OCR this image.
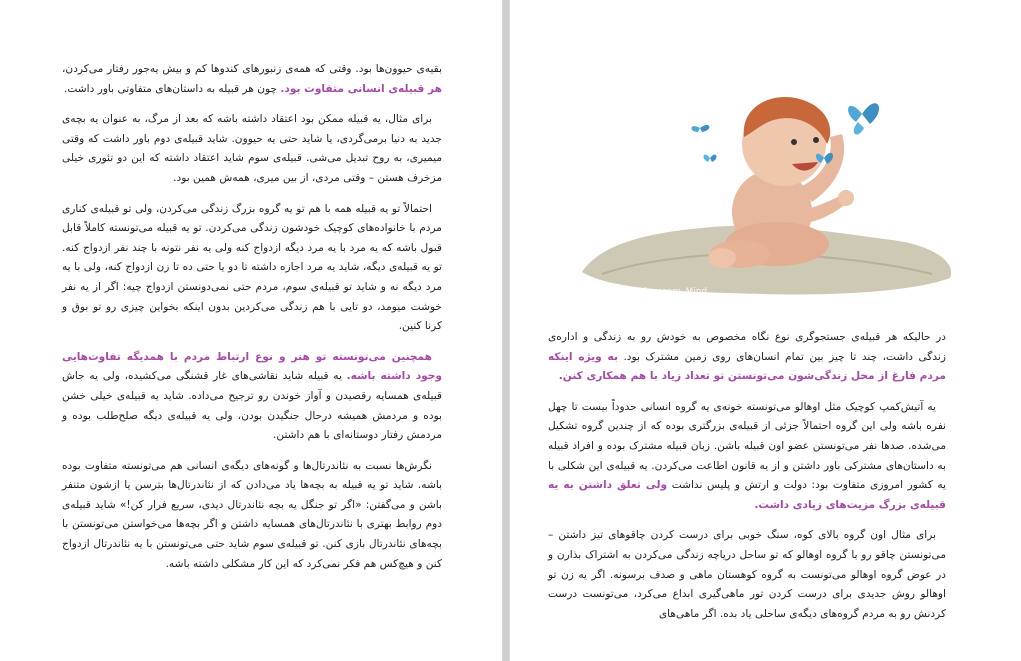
بقیه‌ی حیوون‌ها بود. وقتی که همه‌ی زنبورهای کندوها کم و بیش یه‌جور رفتار می‌کردن، هر قبیله‌ی انسانی متفاوت بود. چون هر قبیله به داستان‌های متفاوتی باور داشت.

برای مثال، یه قبیله ممکن بود اعتقاد داشته باشه که بعد از مرگ، به عنوان یه بچه‌ی جدید به دنیا برمی‌گردی، یا شاید حتی یه حیوون. شاید قبیله‌ی دوم باور داشت که وقتی میمیری، به روح تبدیل می‌شی. قبیله‌ی سوم شاید اعتقاد داشته که این دو تئوری خیلی مزخرف هستن – وقتی مردی، از بین میری، همه‌ش همین بود.

احتمالاً تو یه قبیله همه با هم تو یه گروه بزرگ زندگی می‌کردن، ولی تو قبیله‌ی کناری مردم با خانواده‌های کوچیک خودشون زندگی می‌کردن. تو یه قبیله می‌تونسته کاملاً قابل قبول باشه که یه مرد با یه مرد دیگه ازدواج کنه ولی یه نفر نتونه با چند نفر ازدواج کنه. تو یه قبیله‌ی دیگه، شاید یه مرد اجازه داشته تا دو یا حتی ده تا زن ازدواج کنه، ولی با یه مرد دیگه نه و شاید تو قبیله‌ی سوم، مردم حتی نمی‌دونستن ازدواج چیه: اگر از یه نفر خوشت میومد، دو تایی با هم زندگی می‌کردین بدون اینکه بخواین چیزی رو تو بوق و کرنا کنین.

همچنین می‌تونسته تو هنر و نوع ارتباط مردم با همدیگه تفاوت‌هایی وجود داشته باشه. یه قبیله شاید نقاشی‌های غار قشنگی می‌کشیده، ولی یه جاش قبیله‌ی همسایه رقصیدن و آواز خوندن رو ترجیح می‌داده. شاید یه قبیله‌ی خیلی خشن بوده و مردمش همیشه درحال جنگیدن بودن، ولی یه قبیله‌ی دیگه صلح‌طلب بوده و مردمش رفتار دوستانه‌ای با هم داشتن.

نگرش‌ها نسبت به نئاندرتال‌ها و گونه‌های دیگه‌ی انسانی هم می‌تونسته متفاوت بوده باشه. شاید تو یه قبیله به بچه‌ها یاد می‌دادن که از نئاندرتال‌ها بترسن یا ازشون متنفر باشن و می‌گفتن: «اگر تو جنگل یه بچه نئاندرتال دیدی، سریع فرار کن!» شاید قبیله‌ی دوم روابط بهتری با نئاندرتال‌های همسایه داشتن و اگر بچه‌ها می‌خواستن می‌تونستن با بچه‌های نئاندرتال بازی کنن. تو قبیله‌ی سوم شاید حتی می‌تونستن با یه نئاندرتال ازدواج کنن و هیچ‌کس هم فکر نمی‌کرد که این کار مشکلی داشته باشه.

در حالیکه هر قبیله‌ی جستجوگری نوع نگاه مخصوص به خودش رو به زندگی و اداره‌ی زندگی داشت، چند تا چیز بین تمام انسان‌های روی زمین مشترک بود. به ویژه اینکه مردم فارغ از محل زندگی‌شون می‌تونستن تو تعداد زیاد با هم همکاری کنن.

یه آتیش‌کمپ کوچیک مثل اوهالو می‌تونسته خونه‌ی یه گروه انسانی حدوداً بیست تا چهل نفره باشه ولی این گروه احتمالاً جزئی از قبیله‌ی بزرگتری بوده که از چندین گروه تشکیل می‌شده. صدها نفر می‌تونستن عضو اون قبیله باشن. زبان قبیله مشترک بوده و افراد قبیله به داستان‌های مشترکی باور داشتن و از یه قانون اطاعت می‌کردن. یه قبیله‌ی این شکلی با یه کشور امروزی متفاوت بود: دولت و ارتش و پلیس نداشت ولی تعلق داشتن به یه قبیله‌ی بزرگ مزیت‌های زیادی داشت.

برای مثال اون گروه بالای کوه، سنگ خوبی برای درست کردن چاقوهای تیز داشتن – می‌تونستن چاقو رو با گروه اوهالو که تو ساحل دریاچه زندگی می‌کردن به اشتراک بذارن و در عوض گروه اوهالو می‌تونست به گروه کوهستان ماهی و صدف برسونه. اگر یه زن تو اوهالو روش جدیدی برای درست کردن تور ماهی‌گیری ابداع می‌کرد، می‌تونست درست کردنش رو به مردم گروه‌های دیگه‌ی ساحلی یاد بده. اگر ماهی‌های

Samsam_Mind
